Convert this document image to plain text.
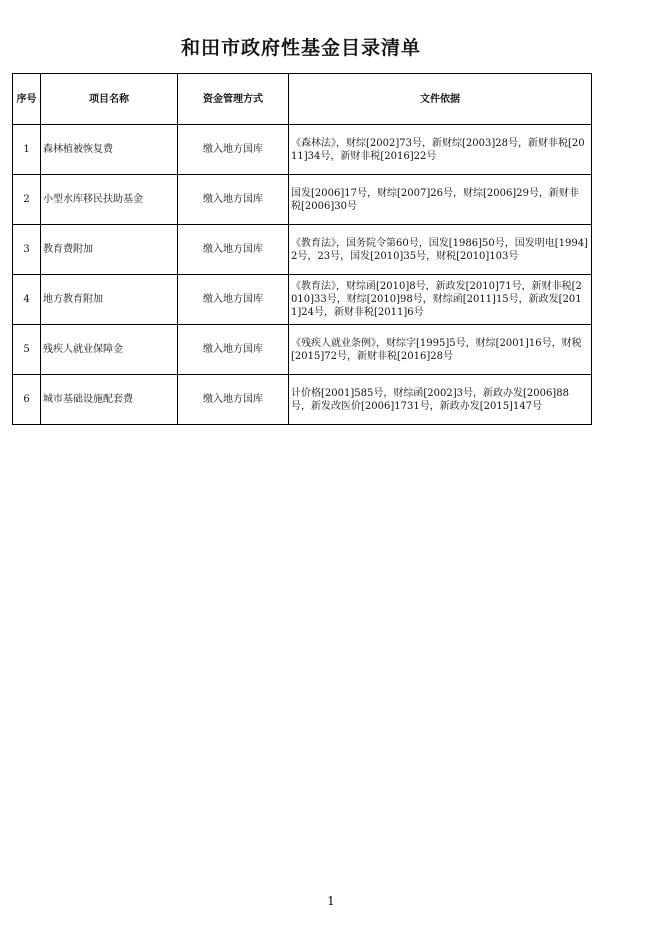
和田市政府性基金目录清单
序号	项目名称	资金管理方式	文件依据
1	森林植被恢复费	缴入地方国库	《森林法》，财综[2002]73号，新财综[2003]28号，新财非税[2011]34号，新财非税[2016]22号
2	小型水库移民扶助基金	缴入地方国库	国发[2006]17号，财综[2007]26号，财综[2006]29号，新财非税[2006]30号
3	教育费附加	缴入地方国库	《教育法》，国务院令第60号，国发[1986]50号，国发明电[1994]2号，23号，国发[2010]35号，财税[2010]103号
4	地方教育附加	缴入地方国库	《教育法》，财综函[2010]8号，新政发[2010]71号，新财非税[2010]33号，财综[2010]98号，财综函[2011]15号，新政发[2011]24号，新财非税[2011]6号
5	残疾人就业保障金	缴入地方国库	《残疾人就业条例》，财综字[1995]5号，财综[2001]16号，财税[2015]72号，新财非税[2016]28号
6	城市基础设施配套费	缴入地方国库	计价格[2001]585号，财综函[2002]3号，新政办发[2006]88号，新发改医价[2006]1731号，新政办发[2015]147号
1
